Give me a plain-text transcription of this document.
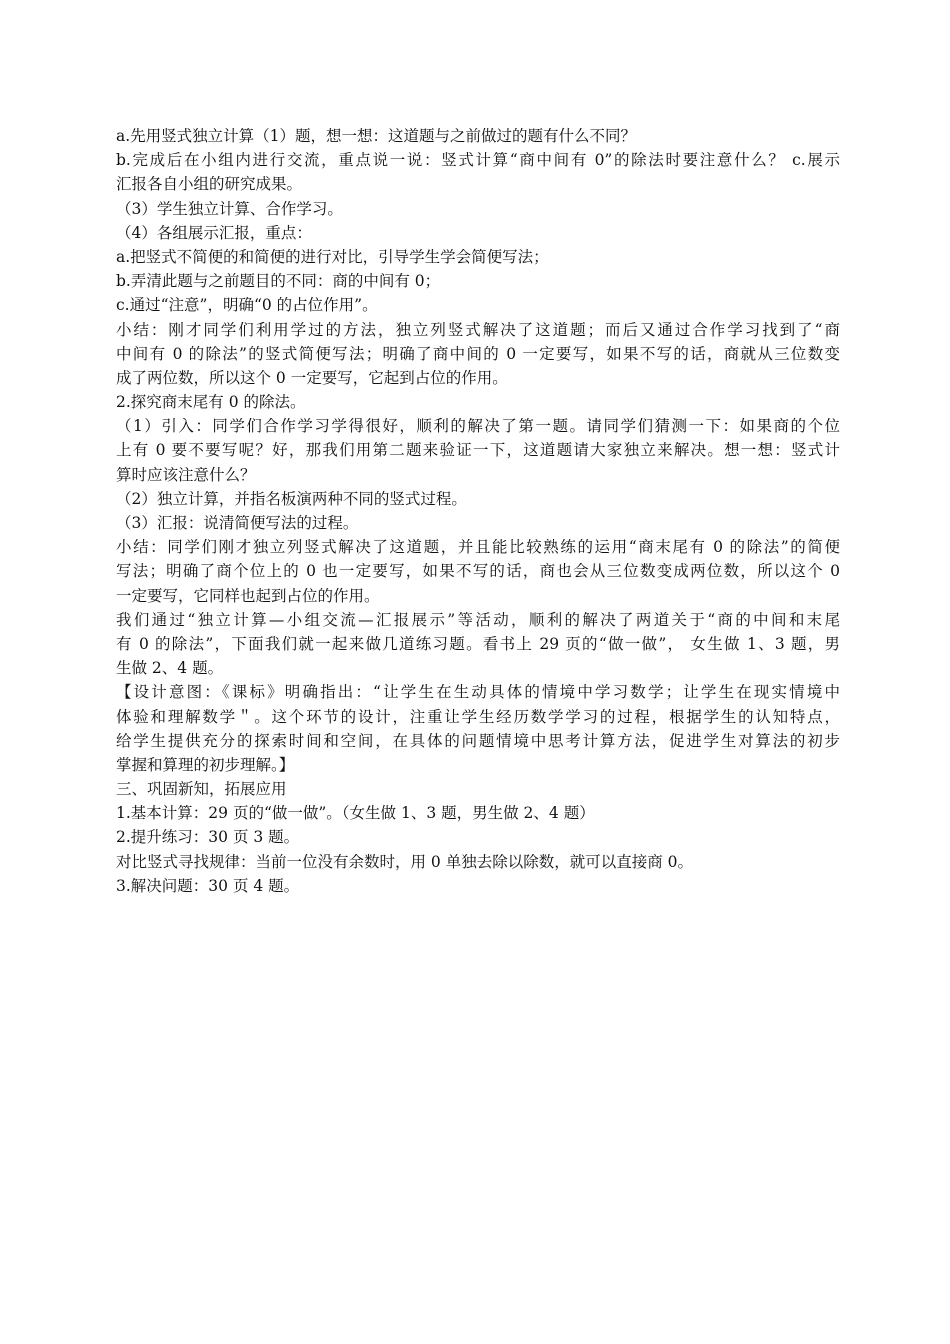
a.先用竖式独立计算（1）题，想一想：这道题与之前做过的题有什么不同？
b.完成后在小组内进行交流，重点说一说：竖式计算“商中间有 0”的除法时要注意什么？ c.展示
汇报各自小组的研究成果。
（3）学生独立计算、合作学习。
（4）各组展示汇报，重点：
a.把竖式不简便的和简便的进行对比，引导学生学会简便写法；
b.弄清此题与之前题目的不同：商的中间有 0；
c.通过“注意”，明确“0 的占位作用”。
小结：刚才同学们利用学过的方法，独立列竖式解决了这道题；而后又通过合作学习找到了“商
中间有 0 的除法”的竖式简便写法；明确了商中间的 0 一定要写，如果不写的话，商就从三位数变
成了两位数，所以这个 0 一定要写，它起到占位的作用。
2.探究商末尾有 0 的除法。
（1）引入：同学们合作学习学得很好，顺利的解决了第一题。请同学们猜测一下：如果商的个位
上有 0 要不要写呢？好，那我们用第二题来验证一下，这道题请大家独立来解决。想一想：竖式计
算时应该注意什么？
（2）独立计算，并指名板演两种不同的竖式过程。
（3）汇报：说清简便写法的过程。
小结：同学们刚才独立列竖式解决了这道题，并且能比较熟练的运用“商末尾有 0 的除法”的简便
写法；明确了商个位上的 0 也一定要写，如果不写的话，商也会从三位数变成两位数，所以这个 0
一定要写，它同样也起到占位的作用。
我们通过“独立计算—小组交流—汇报展示”等活动，顺利的解决了两道关于“商的中间和末尾
有 0 的除法”，下面我们就一起来做几道练习题。看书上 29 页的“做一做”， 女生做 1、3 题，男
生做 2、4 题。
【设计意图：《课标》明确指出：“让学生在生动具体的情境中学习数学；让学生在现实情境中
体验和理解数学＂。这个环节的设计，注重让学生经历数学学习的过程，根据学生的认知特点，
给学生提供充分的探索时间和空间，在具体的问题情境中思考计算方法，促进学生对算法的初步
掌握和算理的初步理解。】
三、巩固新知，拓展应用
1.基本计算：29 页的“做一做”。（女生做 1、3 题，男生做 2、4 题）
2.提升练习：30 页 3 题。
对比竖式寻找规律：当前一位没有余数时，用 0 单独去除以除数，就可以直接商 0。
3.解决问题：30 页 4 题。
